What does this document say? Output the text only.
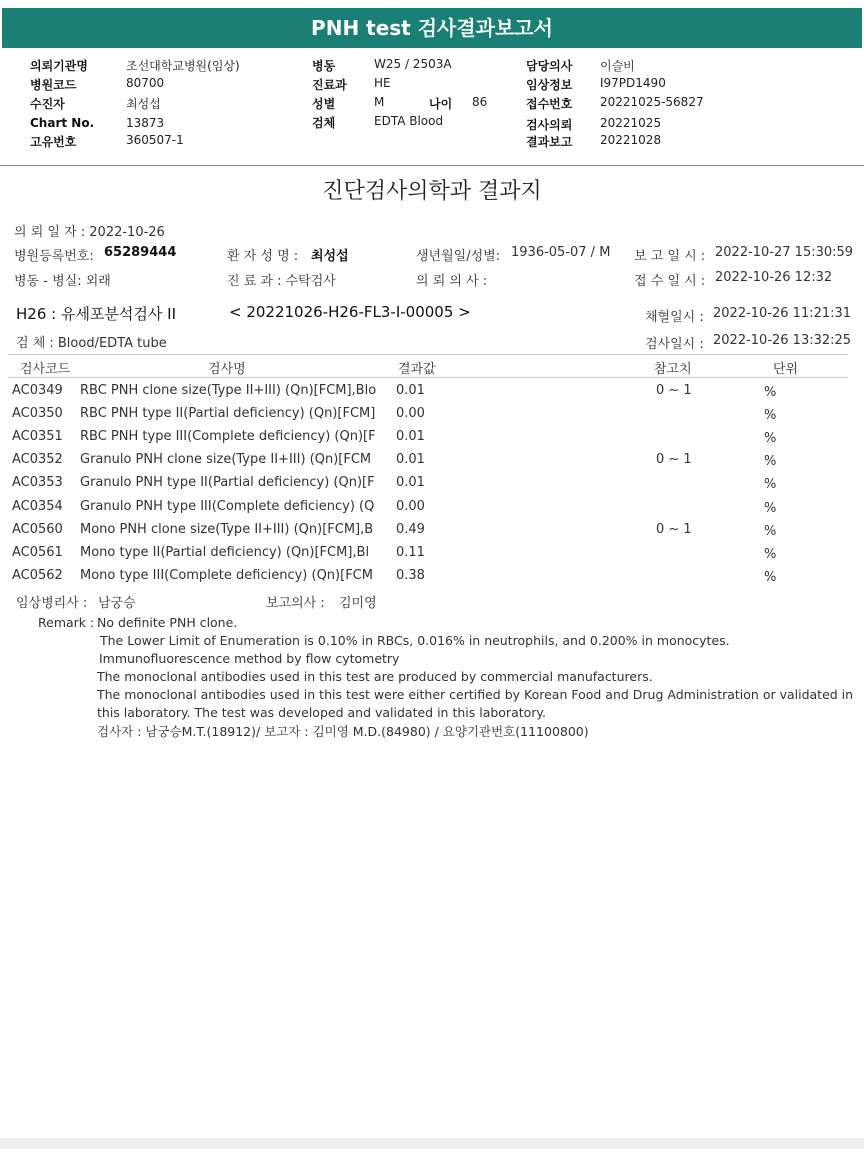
PNH test 검사결과보고서
의뢰기관명	조선대학교병원(임상)
병원코드	80700
수진자	최성섭
Chart No.	13873
고유번호	360507-1
병동	W25 / 2503A
진료과 HE
성별	M	나이 86
검체	EDTA Blood
담당의사 이슬비
임상정보 I97PD1490
접수번호 20221025-56827
검사의뢰 20221025
결과보고 20221028
진단검사의학과 결과지
의 뢰 일 자 : 2022-10-26
병원등록번호: 65289444	환 자 성 명 : 최성섭	생년월일/성별: 1936-05-07 / M 보 고 일 시 : 2022-10-27 15:30:59
병동 - 병실: 외래	진 료 과 : 수탁검사	의 뢰 의 사 :	접 수 일 시 : 2022-10-26 12:32
H26 : 유세포분석검사 II	< 20221026-H26-FL3-I-00005 >	채혈일시 : 2022-10-26 11:21:31
검 체 : Blood/EDTA tube	검사일시 : 2022-10-26 13:32:25
검사코드	검사명	결과값	참고치	단위
AC0349 RBC PNH clone size(Type II+III) (Qn)[FCM],Blo 0.01	0 ~ 1	%
AC0350 RBC PNH type II(Partial deficiency) (Qn)[FCM] 0.00	%
AC0351 RBC PNH type III(Complete deficiency) (Qn)[F 0.01	%
AC0352 Granulo PNH clone size(Type II+III) (Qn)[FCM 0.01	0 ~ 1	%
AC0353 Granulo PNH type II(Partial deficiency) (Qn)[F 0.01	%
AC0354 Granulo PNH type III(Complete deficiency) (Q 0.00	%
AC0560 Mono PNH clone size(Type II+III) (Qn)[FCM],B 0.49	0 ~ 1	%
AC0561 Mono type II(Partial deficiency) (Qn)[FCM],Bl 0.11	%
AC0562 Mono type III(Complete deficiency) (Qn)[FCM 0.38	%
임상병리사 : 남궁승	보고의사 : 김미영
Remark : No definite PNH clone.
The Lower Limit of Enumeration is 0.10% in RBCs, 0.016% in neutrophils, and 0.200% in monocytes.
Immunofluorescence method by flow cytometry
The monoclonal antibodies used in this test are produced by commercial manufacturers.
The monoclonal antibodies used in this test were either certified by Korean Food and Drug Administration or validated in
this laboratory. The test was developed and validated in this laboratory.
검사자 : 남궁승M.T.(18912)/ 보고자 : 김미영 M.D.(84980) / 요양기관번호(11100800)
